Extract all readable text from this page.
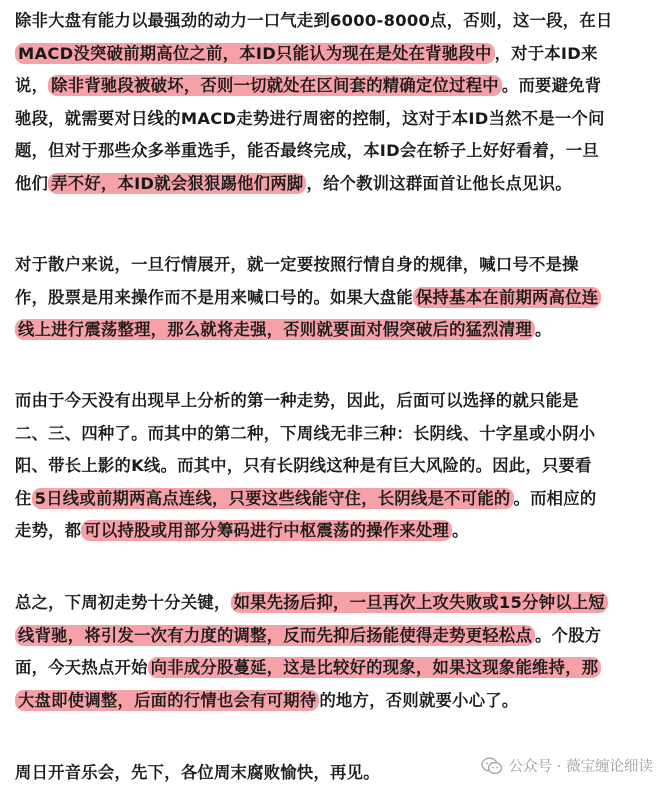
除非大盘有能力以最强劲的动力一口气走到6000-8000点，否则，这一段，在日
MACD没突破前期高位之前，本ID只能认为现在是处在背驰段中 ，对于本ID来
说， 除非背驰段被破坏，否则一切就处在区间套的精确定位过程中 。而要避免背
驰段，就需要对日线的MACD走势进行周密的控制，这对于本ID当然不是一个问
题，但对于那些众多举重选手，能否最终完成，本ID会在轿子上好好看着，一旦
他们 弄不好，本ID就会狠狠踢他们两脚 ，给个教训这群面首让他长点见识。

对于散户来说，一旦行情展开，就一定要按照行情自身的规律，喊口号不是操
作，股票是用来操作而不是用来喊口号的。如果大盘能 保持基本在前期两高位连
线上进行震荡整理，那么就将走强，否则就要面对假突破后的猛烈清理 。

而由于今天没有出现早上分析的第一种走势，因此，后面可以选择的就只能是
二、三、四种了。而其中的第二种，下周线无非三种：长阴线、十字星或小阴小
阳、带长上影的K线。而其中，只有长阴线这种是有巨大风险的。因此，只要看
住 5日线或前期两高点连线，只要这些线能守住，长阴线是不可能的 。而相应的
走势，都 可以持股或用部分筹码进行中枢震荡的操作来处理 。

总之，下周初走势十分关键， 如果先扬后抑，一旦再次上攻失败或15分钟以上短
线背驰，将引发一次有力度的调整，反而先抑后扬能使得走势更轻松点 。个股方
面，今天热点开始 向非成分股蔓延，这是比较好的现象，如果这现象能维持，那
大盘即使调整，后面的行情也会有可期待 的地方，否则就要小心了。

周日开音乐会，先下，各位周末腐败愉快，再见。	公众号 · 薇宝缠论细读
